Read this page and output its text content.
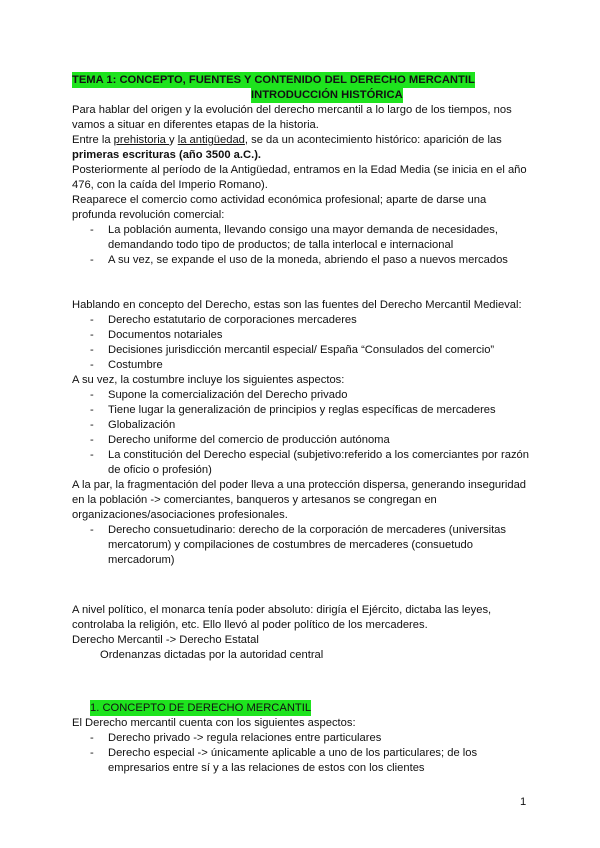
TEMA 1: CONCEPTO, FUENTES Y CONTENIDO DEL DERECHO MERCANTIL
INTRODUCCIÓN HISTÓRICA
Para hablar del origen y la evolución del derecho mercantil a lo largo de los tiempos, nos
vamos a situar en diferentes etapas de la historia.
Entre la prehistoria y la antigüedad, se da un acontecimiento histórico: aparición de las
primeras escrituras (año 3500 a.C.).
Posteriormente al período de la Antigüedad, entramos en la Edad Media (se inicia en el año
476, con la caída del Imperio Romano).
Reaparece el comercio como actividad económica profesional; aparte de darse una
profunda revolución comercial:
- La población aumenta, llevando consigo una mayor demanda de necesidades,
demandando todo tipo de productos; de talla interlocal e internacional
- A su vez, se expande el uso de la moneda, abriendo el paso a nuevos mercados
Hablando en concepto del Derecho, estas son las fuentes del Derecho Mercantil Medieval:
- Derecho estatutario de corporaciones mercaderes
- Documentos notariales
- Decisiones jurisdicción mercantil especial/ España “Consulados del comercio”
- Costumbre
A su vez, la costumbre incluye los siguientes aspectos:
- Supone la comercialización del Derecho privado
- Tiene lugar la generalización de principios y reglas específicas de mercaderes
- Globalización
- Derecho uniforme del comercio de producción autónoma
- La constitución del Derecho especial (subjetivo:referido a los comerciantes por razón
de oficio o profesión)
A la par, la fragmentación del poder lleva a una protección dispersa, generando inseguridad
en la población -> comerciantes, banqueros y artesanos se congregan en
organizaciones/asociaciones profesionales.
- Derecho consuetudinario: derecho de la corporación de mercaderes (universitas
mercatorum) y compilaciones de costumbres de mercaderes (consuetudo
mercadorum)
A nivel político, el monarca tenía poder absoluto: dirigía el Ejército, dictaba las leyes,
controlaba la religión, etc. Ello llevó al poder político de los mercaderes.
Derecho Mercantil -> Derecho Estatal
Ordenanzas dictadas por la autoridad central
1. CONCEPTO DE DERECHO MERCANTIL
El Derecho mercantil cuenta con los siguientes aspectos:
- Derecho privado -> regula relaciones entre particulares
- Derecho especial -> únicamente aplicable a uno de los particulares; de los
empresarios entre sí y a las relaciones de estos con los clientes
1
